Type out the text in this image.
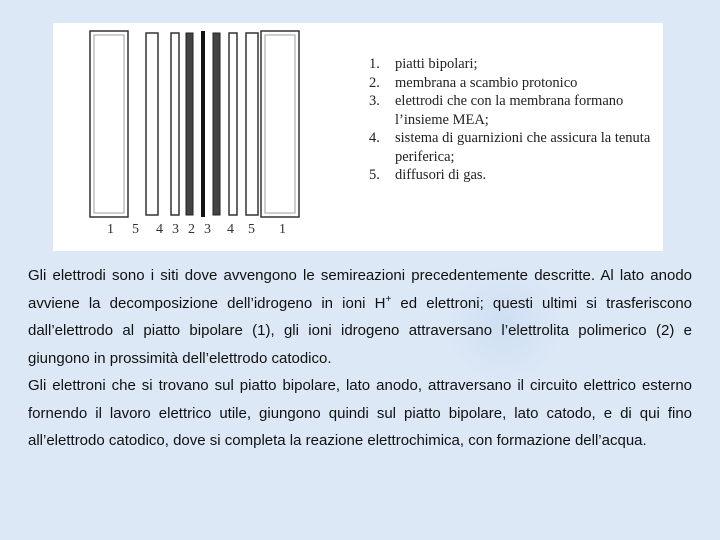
1 5 4 3 2 3 4 5 1
1.	piatti bipolari;
2.	membrana a scambio protonico
3.	elettrodi che con la membrana formano l’insieme MEA;
4.	sistema di guarnizioni che assicura la tenuta periferica;
5.	diffusori di gas.

Gli elettrodi sono i siti dove avvengono le semireazioni precedentemente descritte. Al lato anodo avviene la decomposizione dell’idrogeno in ioni H+ ed elettroni; questi ultimi si trasferiscono dall’elettrodo al piatto bipolare (1), gli ioni idrogeno attraversano l’elettrolita polimerico (2) e giungono in prossimità dell’elettrodo catodico.

Gli elettroni che si trovano sul piatto bipolare, lato anodo, attraversano il circuito elettrico esterno fornendo il lavoro elettrico utile, giungono quindi sul piatto bipolare, lato catodo, e di qui fino all’elettrodo catodico, dove si completa la reazione elettrochimica, con formazione dell’acqua.
